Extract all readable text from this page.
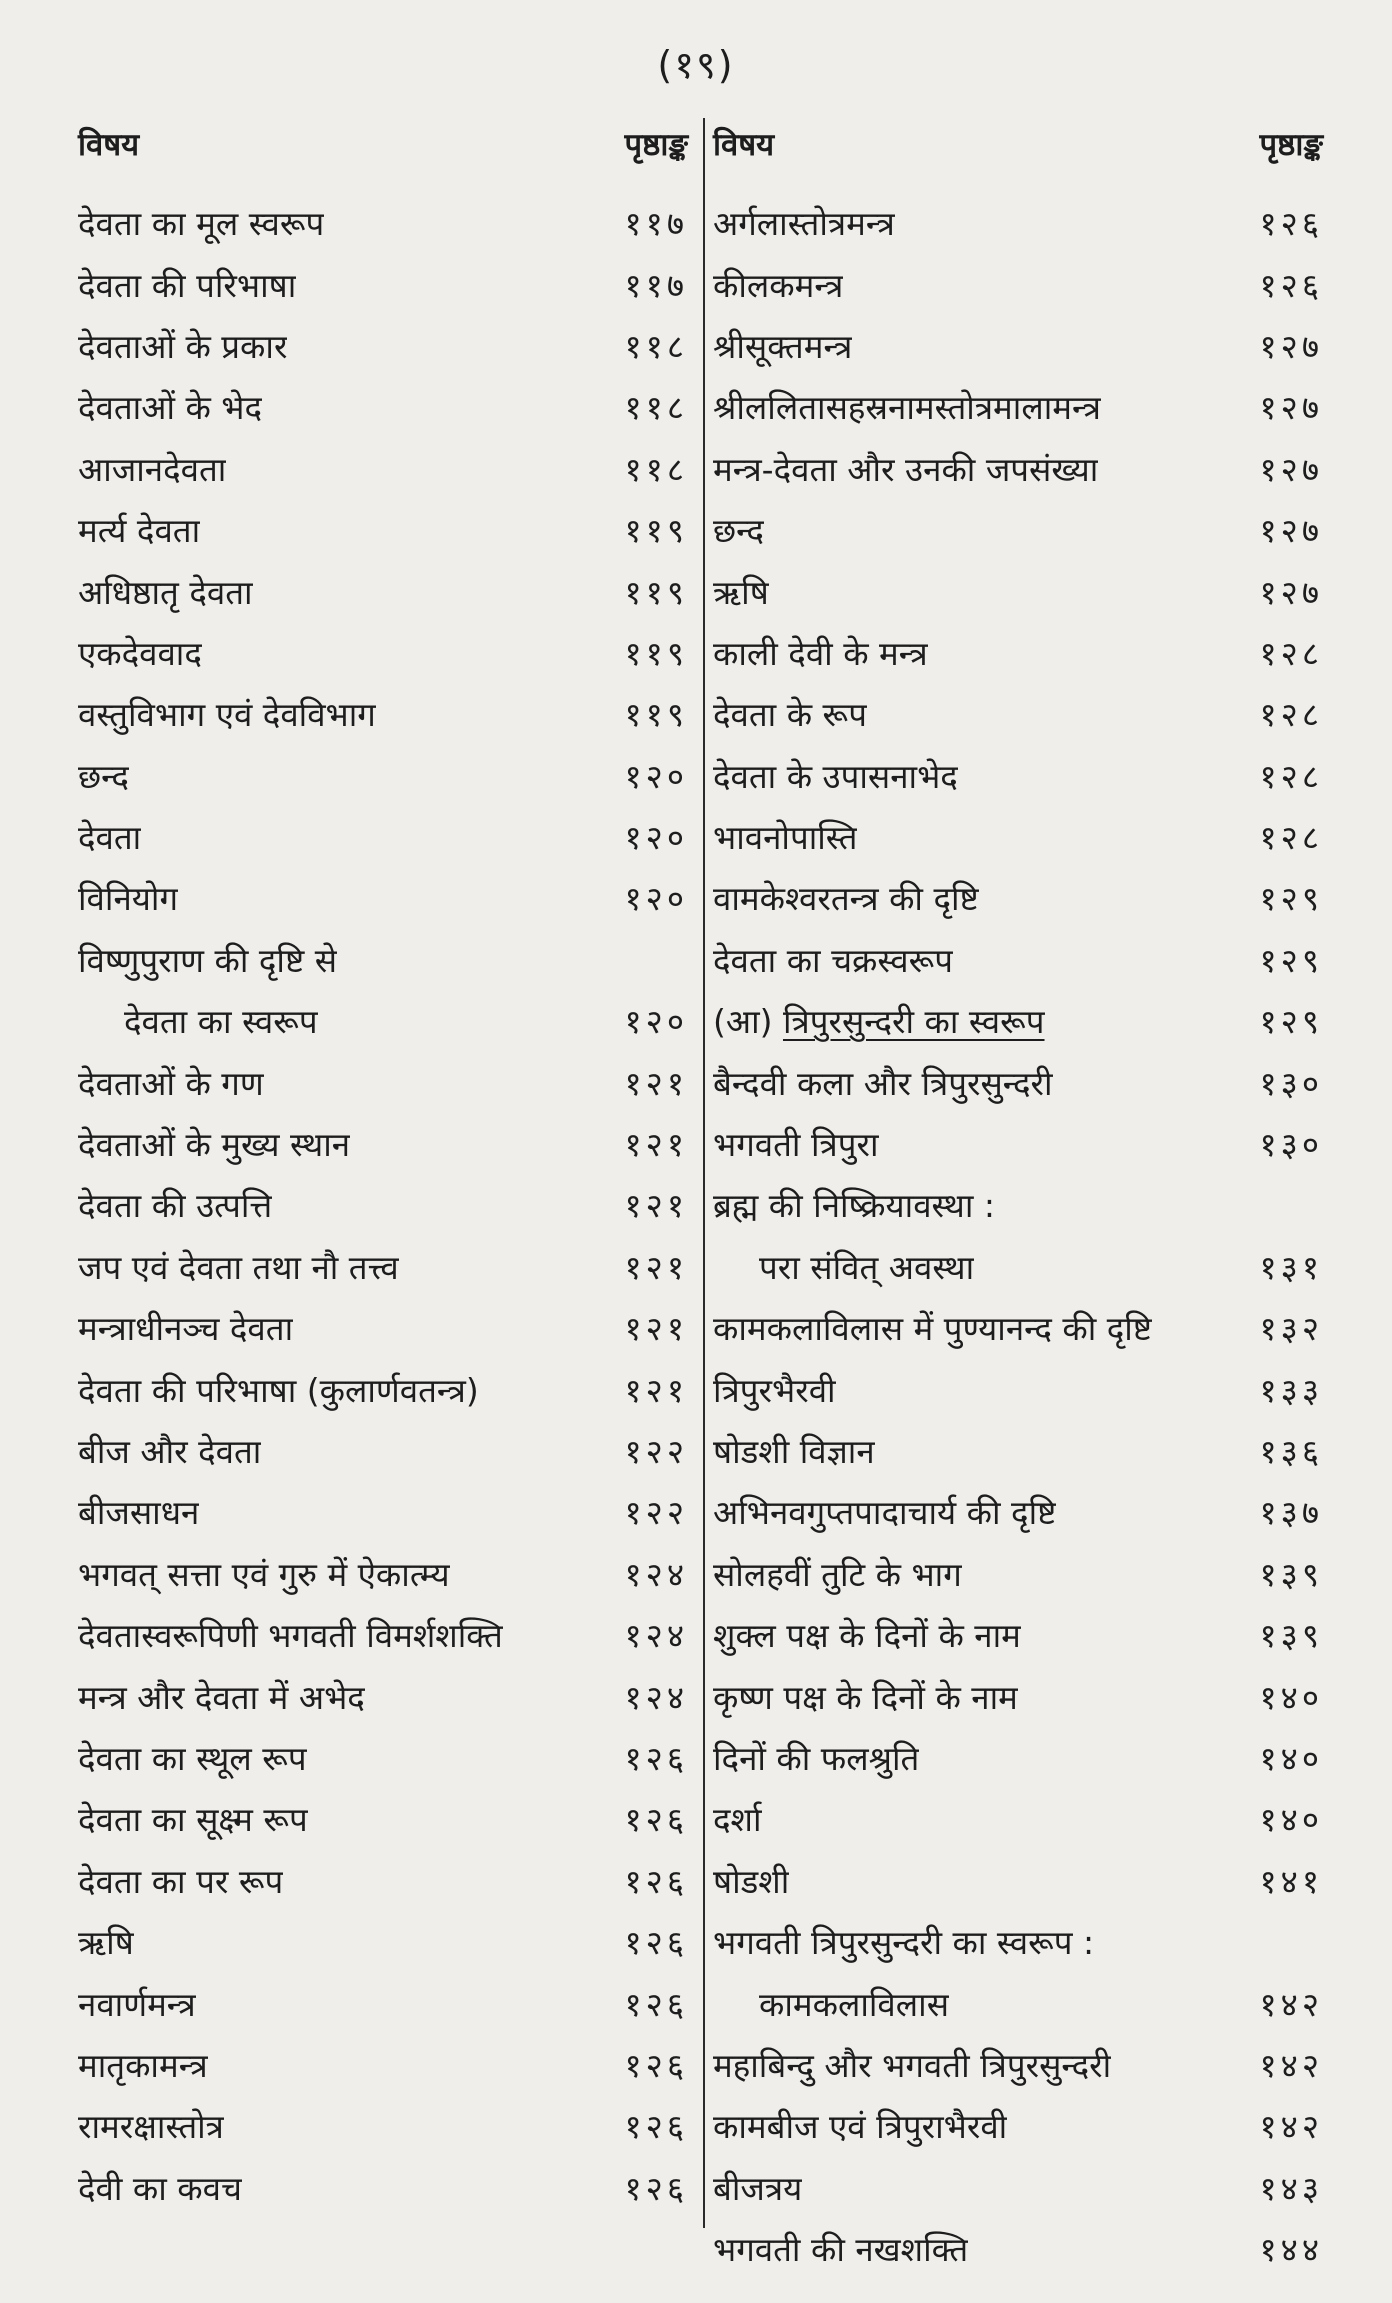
(१९)
विषय	पृष्ठाङ्क
देवता का मूल स्वरूप	११७
देवता की परिभाषा	११७
देवताओं के प्रकार	११८
देवताओं के भेद	११८
आजानदेवता	११८
मर्त्य देवता	११९
अधिष्ठातृ देवता	११९
एकदेववाद	११९
वस्तुविभाग एवं देवविभाग	११९
छन्द	१२०
देवता	१२०
विनियोग	१२०
विष्णुपुराण की दृष्टि से
देवता का स्वरूप	१२०
देवताओं के गण	१२१
देवताओं के मुख्य स्थान	१२१
देवता की उत्पत्ति	१२१
जप एवं देवता तथा नौ तत्त्व	१२१
मन्त्राधीनञ्च देवता	१२१
देवता की परिभाषा (कुलार्णवतन्त्र)	१२१
बीज और देवता	१२२
बीजसाधन	१२२
भगवत् सत्ता एवं गुरु में ऐकात्म्य	१२४
देवतास्वरूपिणी भगवती विमर्शशक्ति	१२४
मन्त्र और देवता में अभेद	१२४
देवता का स्थूल रूप	१२६
देवता का सूक्ष्म रूप	१२६
देवता का पर रूप	१२६
ऋषि	१२६
नवार्णमन्त्र	१२६
मातृकामन्त्र	१२६
रामरक्षास्तोत्र	१२६
देवी का कवच	१२६
विषय	पृष्ठाङ्क
अर्गलास्तोत्रमन्त्र	१२६
कीलकमन्त्र	१२६
श्रीसूक्तमन्त्र	१२७
श्रीललितासहस्रनामस्तोत्रमालामन्त्र	१२७
मन्त्र-देवता और उनकी जपसंख्या	१२७
छन्द	१२७
ऋषि	१२७
काली देवी के मन्त्र	१२८
देवता के रूप	१२८
देवता के उपासनाभेद	१२८
भावनोपास्ति	१२८
वामकेश्वरतन्त्र की दृष्टि	१२९
देवता का चक्रस्वरूप	१२९
(आ) त्रिपुरसुन्दरी का स्वरूप	१२९
बैन्दवी कला और त्रिपुरसुन्दरी	१३०
भगवती त्रिपुरा	१३०
ब्रह्म की निष्क्रियावस्था :
परा संवित् अवस्था	१३१
कामकलाविलास में पुण्यानन्द की दृष्टि	१३२
त्रिपुरभैरवी	१३३
षोडशी विज्ञान	१३६
अभिनवगुप्तपादाचार्य की दृष्टि	१३७
सोलहवीं तुटि के भाग	१३९
शुक्ल पक्ष के दिनों के नाम	१३९
कृष्ण पक्ष के दिनों के नाम	१४०
दिनों की फलश्रुति	१४०
दर्शा	१४०
षोडशी	१४१
भगवती त्रिपुरसुन्दरी का स्वरूप :
कामकलाविलास	१४२
महाबिन्दु और भगवती त्रिपुरसुन्दरी	१४२
कामबीज एवं त्रिपुराभैरवी	१४२
बीजत्रय	१४३
भगवती की नखशक्ति	१४४
